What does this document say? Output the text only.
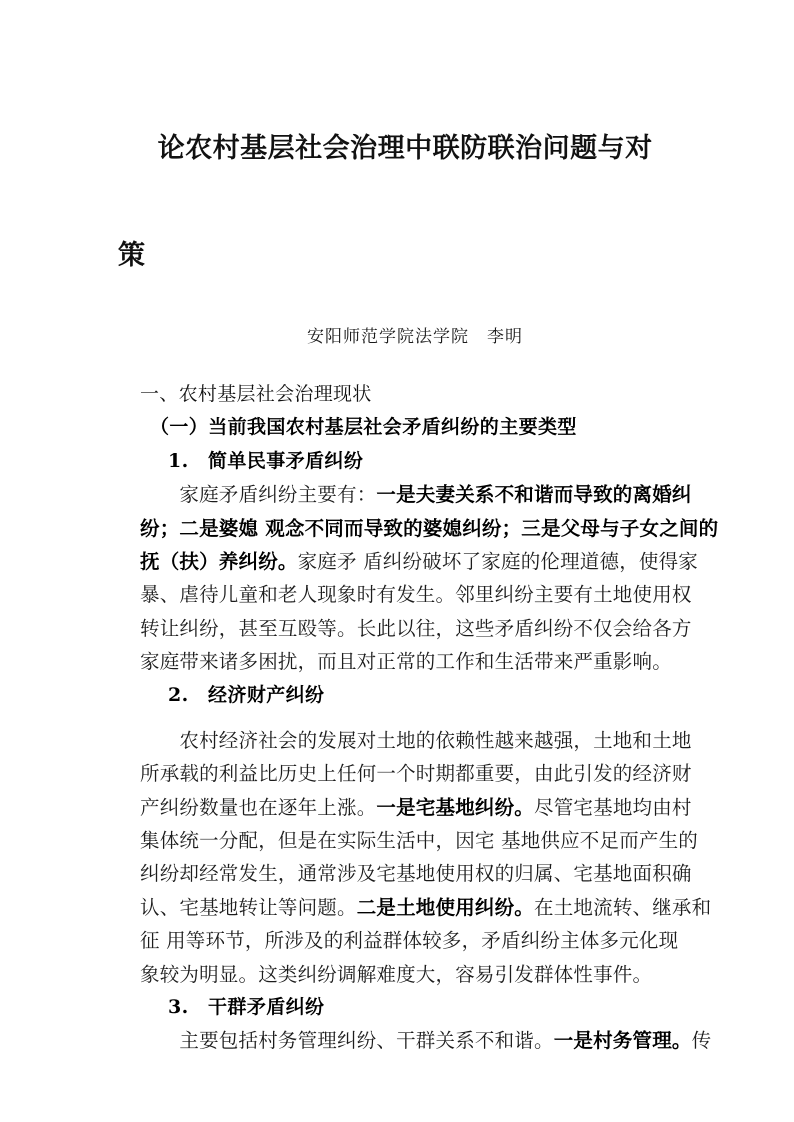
论农村基层社会治理中联防联治问题与对

策

安阳师范学院法学院　李明
一、农村基层社会治理现状
（一）当前我国农村基层社会矛盾纠纷的主要类型
1.　简单民事矛盾纠纷
　　家庭矛盾纠纷主要有：一是夫妻关系不和谐而导致的离婚纠
纷；二是婆媳 观念不同而导致的婆媳纠纷；三是父母与子女之间的
抚（扶）养纠纷。家庭矛 盾纠纷破坏了家庭的伦理道德，使得家
暴、虐待儿童和老人现象时有发生。邻里纠纷主要有土地使用权
转让纠纷，甚至互殴等。长此以往，这些矛盾纠纷不仅会给各方
家庭带来诸多困扰，而且对正常的工作和生活带来严重影响。
2.　经济财产纠纷
　　农村经济社会的发展对土地的依赖性越来越强，土地和土地
所承载的利益比历史上任何一个时期都重要，由此引发的经济财
产纠纷数量也在逐年上涨。一是宅基地纠纷。尽管宅基地均由村
集体统一分配，但是在实际生活中，因宅 基地供应不足而产生的
纠纷却经常发生，通常涉及宅基地使用权的归属、宅基地面积确
认、宅基地转让等问题。二是土地使用纠纷。在土地流转、继承和
征 用等环节，所涉及的利益群体较多，矛盾纠纷主体多元化现
象较为明显。这类纠纷调解难度大，容易引发群体性事件。
3.　干群矛盾纠纷
　　主要包括村务管理纠纷、干群关系不和谐。一是村务管理。传
